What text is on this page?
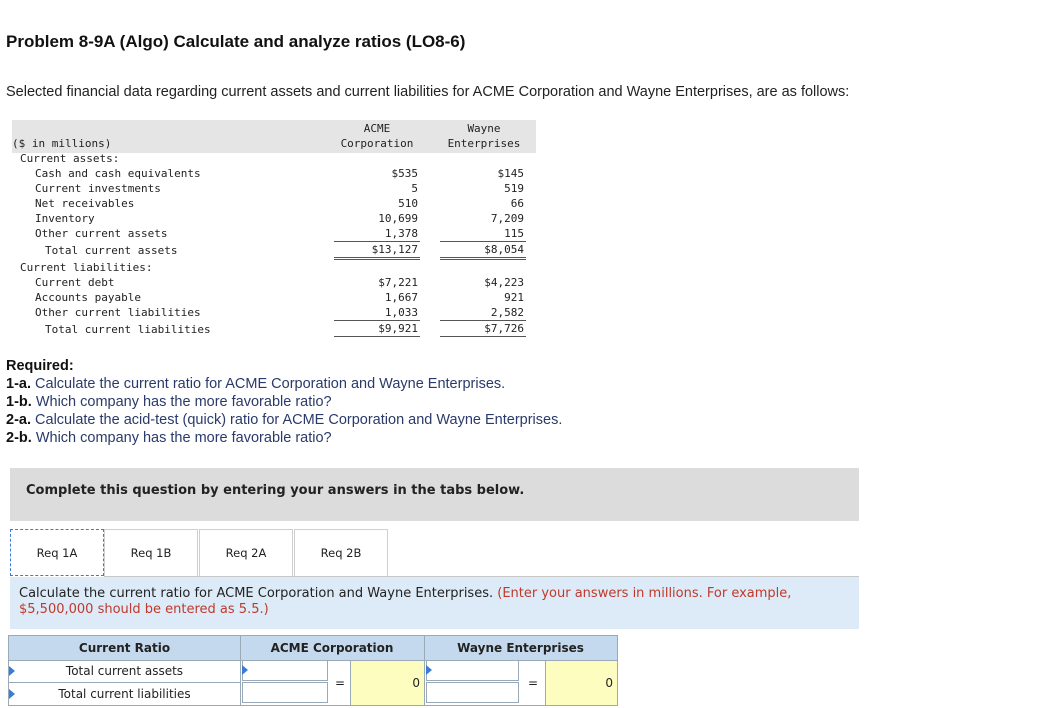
Problem 8-9A (Algo) Calculate and analyze ratios (LO8-6)
Selected financial data regarding current assets and current liabilities for ACME Corporation and Wayne Enterprises, are as follows:
ACME
Corporation
Wayne
Enterprises
($ in millions)
Current assets:
Cash and cash equivalents	$535	$145
Current investments	5	519
Net receivables	510	66
Inventory	10,699	7,209
Other current assets	1,378	115
Total current assets	$13,127	$8,054
Current liabilities:
Current debt	$7,221	$4,223
Accounts payable	1,667	921
Other current liabilities	1,033	2,582
Total current liabilities	$9,921	$7,726
Required:
1-a. Calculate the current ratio for ACME Corporation and Wayne Enterprises.
1-b. Which company has the more favorable ratio?
2-a. Calculate the acid-test (quick) ratio for ACME Corporation and Wayne Enterprises.
2-b. Which company has the more favorable ratio?
Complete this question by entering your answers in the tabs below.
Req 1A	Req 1B	Req 2A	Req 2B
Calculate the current ratio for ACME Corporation and Wayne Enterprises. (Enter your answers in millions. For example, $5,500,000 should be entered as 5.5.)
Current Ratio	ACME Corporation	Wayne Enterprises
Total current assets
Total current liabilities
=	0	=	0
